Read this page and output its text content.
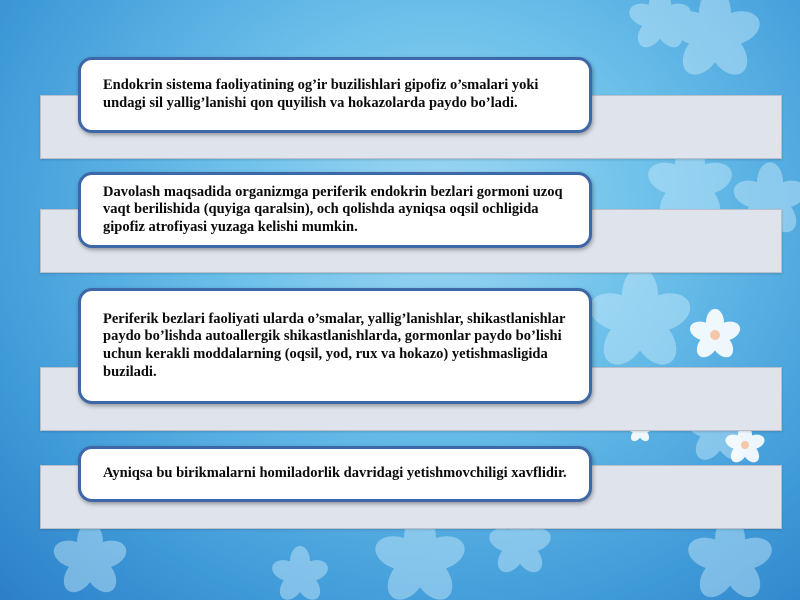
Endokrin sistema faoliyatining og’ir buzilishlari gipofiz o’smalari yoki undagi sil yallig’lanishi qon quyilish va hokazolarda paydo bo’ladi.

Davolash maqsadida organizmga periferik endokrin bezlari gormoni uzoq vaqt berilishida (quyiga qaralsin), och qolishda ayniqsa oqsil ochligida gipofiz atrofiyasi yuzaga kelishi mumkin.

Periferik bezlari faoliyati ularda o’smalar, yallig’lanishlar, shikastlanishlar paydo bo’lishda autoallergik shikastlanishlarda, gormonlar paydo bo’lishi uchun kerakli moddalarning (oqsil, yod, rux va hokazo) yetishmasligida buziladi.

Ayniqsa bu birikmalarni homiladorlik davridagi yetishmovchiligi xavflidir.
